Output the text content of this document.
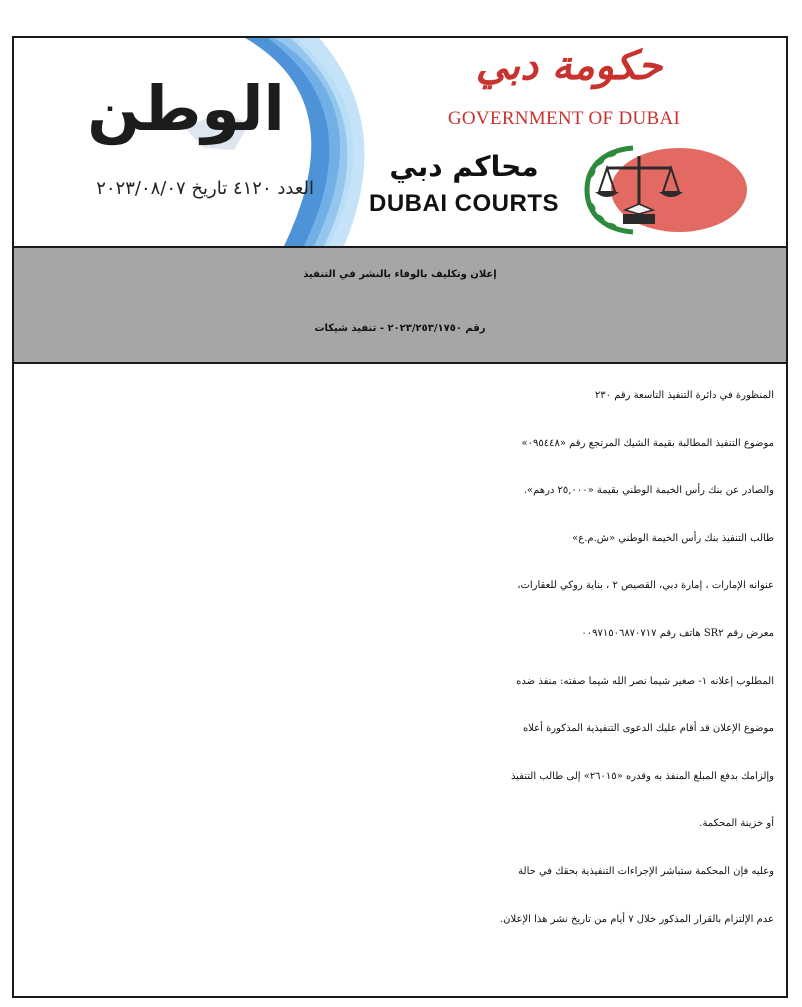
الوطن
العدد ٤١٢٠ تاريخ ٢٠٢٣/٠٨/٠٧
حكومة دبي
GOVERNMENT OF DUBAI
محاكم دبي
DUBAI COURTS
إعلان وتكليف بالوفاء بالنشر في التنفيذ
رقم ٢٠٢٣/٢٥٣/١٧٥٠ - تنفيذ شيكات

المنظورة في دائرة التنفيذ التاسعة رقم ٢٣٠

موضوع التنفيذ المطالبة بقيمة الشيك المرتجع رقم «٠٩٥٤٤٨»

والصادر عن بنك رأس الخيمة الوطني بقيمة «٢٥,٠٠٠ درهم».

طالب التنفيذ بنك رأس الخيمة الوطني «ش.م.ع»

عنوانه الإمارات ، إمارة دبي، القصيص ٢ ، بناية روكي للعقارات،

معرض رقم SR٢ هاتف رقم ٠٠٩٧١٥٠٦٨٧٠٧١٧

المطلوب إعلانه ١- صغير شيما نصر الله شيما صفته: منفذ ضده

موضوع الإعلان قد أقام عليك الدعوى التنفيذية المذكورة أعلاه

وإلزامك بدفع المبلغ المنفذ به وقدره «٢٦٠١٥» إلى طالب التنفيذ

أو خزينة المحكمة.

وعليه فإن المحكمة ستباشر الإجراءات التنفيذية بحقك في حالة

عدم الإلتزام بالقرار المذكور خلال ٧ أيام من تاريخ نشر هذا الإعلان.
